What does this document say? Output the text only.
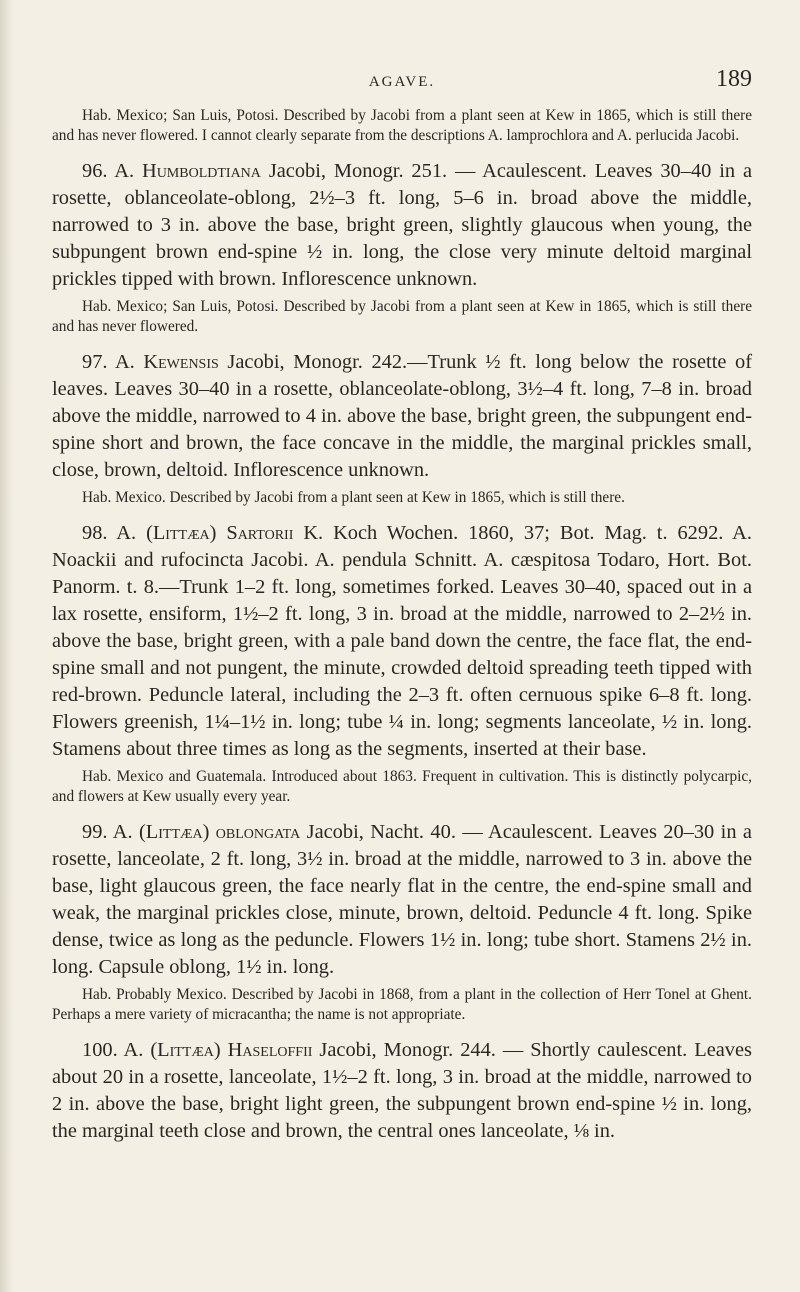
AGAVE.	189

Hab. Mexico; San Luis, Potosi. Described by Jacobi from a plant seen at Kew in 1865, which is still there and has never flowered. I cannot clearly separate from the descriptions A. lamprochlora and A. perlucida Jacobi.

96. A. Humboldtiana Jacobi, Monogr. 251. — Acaulescent. Leaves 30–40 in a rosette, oblanceolate-oblong, 2½–3 ft. long, 5–6 in. broad above the middle, narrowed to 3 in. above the base, bright green, slightly glaucous when young, the subpungent brown end-spine ½ in. long, the close very minute deltoid marginal prickles tipped with brown. Inflorescence unknown.

Hab. Mexico; San Luis, Potosi. Described by Jacobi from a plant seen at Kew in 1865, which is still there and has never flowered.

97. A. Kewensis Jacobi, Monogr. 242.—Trunk ½ ft. long below the rosette of leaves. Leaves 30–40 in a rosette, oblanceolate-oblong, 3½–4 ft. long, 7–8 in. broad above the middle, narrowed to 4 in. above the base, bright green, the subpungent end-spine short and brown, the face concave in the middle, the marginal prickles small, close, brown, deltoid. Inflorescence unknown.

Hab. Mexico. Described by Jacobi from a plant seen at Kew in 1865, which is still there.

98. A. (Littæa) Sartorii K. Koch Wochen. 1860, 37; Bot. Mag. t. 6292. A. Noackii and rufocincta Jacobi. A. pendula Schnitt. A. cæspitosa Todaro, Hort. Bot. Panorm. t. 8.—Trunk 1–2 ft. long, sometimes forked. Leaves 30–40, spaced out in a lax rosette, ensiform, 1½–2 ft. long, 3 in. broad at the middle, narrowed to 2–2½ in. above the base, bright green, with a pale band down the centre, the face flat, the end-spine small and not pungent, the minute, crowded deltoid spreading teeth tipped with red-brown. Peduncle lateral, including the 2–3 ft. often cernuous spike 6–8 ft. long. Flowers greenish, 1¼–1½ in. long; tube ¼ in. long; segments lanceolate, ½ in. long. Stamens about three times as long as the segments, inserted at their base.

Hab. Mexico and Guatemala. Introduced about 1863. Frequent in cultivation. This is distinctly polycarpic, and flowers at Kew usually every year.

99. A. (Littæa) oblongata Jacobi, Nacht. 40. — Acaulescent. Leaves 20–30 in a rosette, lanceolate, 2 ft. long, 3½ in. broad at the middle, narrowed to 3 in. above the base, light glaucous green, the face nearly flat in the centre, the end-spine small and weak, the marginal prickles close, minute, brown, deltoid. Peduncle 4 ft. long. Spike dense, twice as long as the peduncle. Flowers 1½ in. long; tube short. Stamens 2½ in. long. Capsule oblong, 1½ in. long.

Hab. Probably Mexico. Described by Jacobi in 1868, from a plant in the collection of Herr Tonel at Ghent. Perhaps a mere variety of micracantha; the name is not appropriate.

100. A. (Littæa) Haseloffii Jacobi, Monogr. 244. — Shortly caulescent. Leaves about 20 in a rosette, lanceolate, 1½–2 ft. long, 3 in. broad at the middle, narrowed to 2 in. above the base, bright light green, the subpungent brown end-spine ½ in. long, the marginal teeth close and brown, the central ones lanceolate, ⅛ in.
